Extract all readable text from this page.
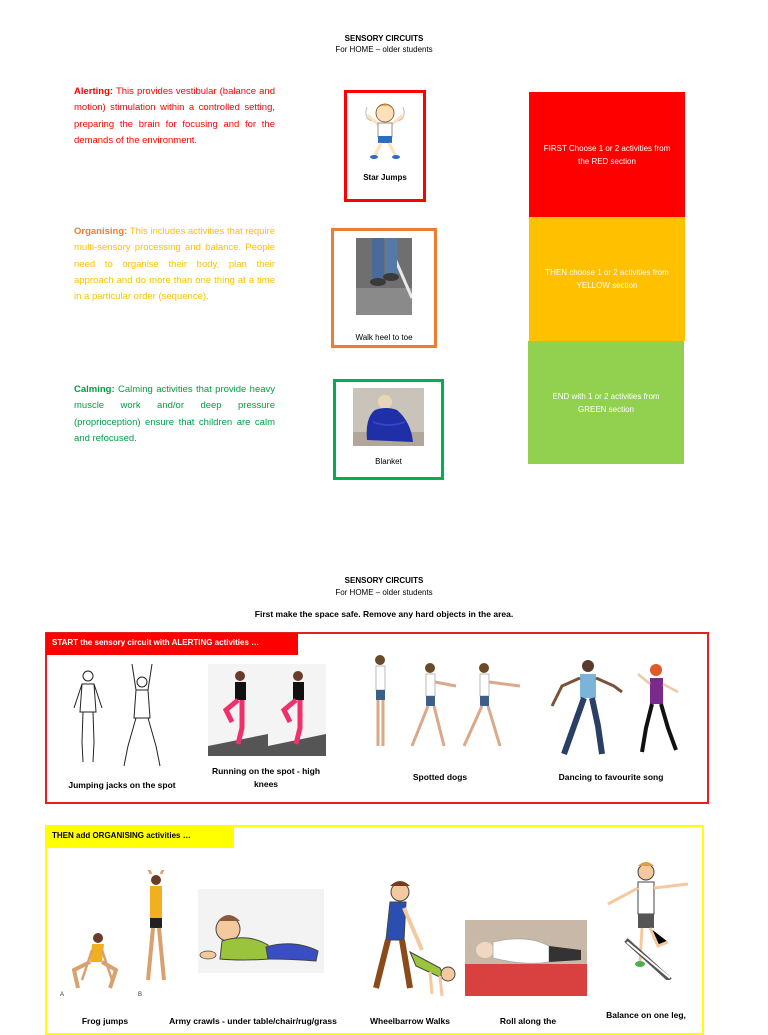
SENSORY CIRCUITS
For HOME – older students
Alerting: This provides vestibular (balance and motion) stimulation within a controlled setting, preparing the brain for focusing and for the demands of the environment.
Organising: This includes activities that require multi-sensory processing and balance. People need to organise their body, plan their approach and do more than one thing at a time in a particular order (sequence).
Calming: Calming activities that provide heavy muscle work and/or deep pressure (proprioception) ensure that children are calm and refocused.
Star Jumps
Walk heel to toe
Blanket
FIRST Choose 1 or 2 activities from the RED section
THEN choose 1 or 2 activities from YELLOW section
END with 1 or 2 activities from GREEN section
SENSORY CIRCUITS
For HOME – older students
First make the space safe. Remove any hard objects in the area.
START the sensory circuit with ALERTING activities …
Jumping jacks on the spot
Running on the spot - high knees
Spotted dogs	Dancing to favourite song
THEN add ORGANISING activities …
A	B
Frog jumps	Army crawls - under table/chair/rug/grass	Wheelbarrow Walks	Roll along the
Balance on one leg,
